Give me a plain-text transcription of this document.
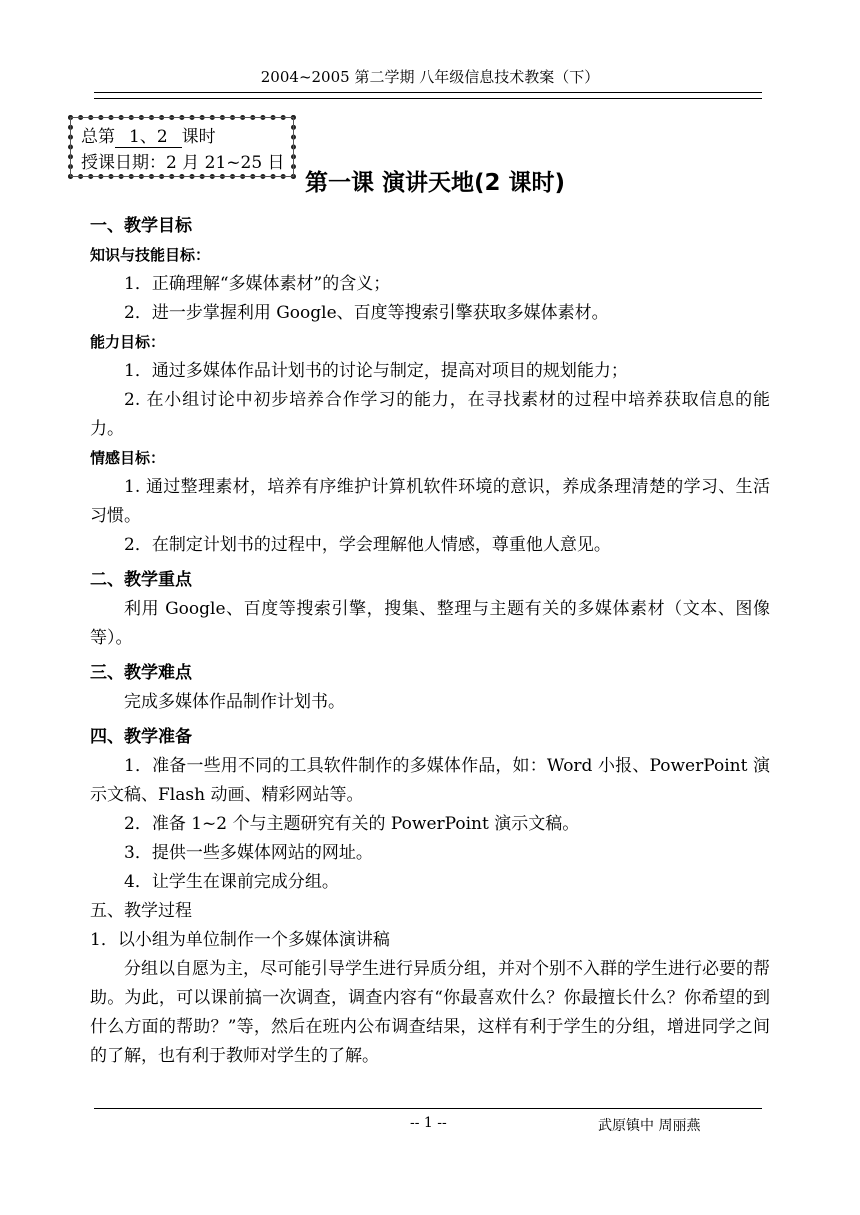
2004~2005 第二学期 八年级信息技术教案（下）
总第 1、2 课时
授课日期：2 月 21~25 日
第一课 演讲天地(2 课时)
一、教学目标
知识与技能目标：
1．正确理解“多媒体素材”的含义；
2．进一步掌握利用 Google、百度等搜索引擎获取多媒体素材。
能力目标：
1．通过多媒体作品计划书的讨论与制定，提高对项目的规划能力；
2. 在小组讨论中初步培养合作学习的能力，在寻找素材的过程中培养获取信息的能力。
情感目标：
1. 通过整理素材，培养有序维护计算机软件环境的意识，养成条理清楚的学习、生活习惯。
2．在制定计划书的过程中，学会理解他人情感，尊重他人意见。
二、教学重点
利用 Google、百度等搜索引擎，搜集、整理与主题有关的多媒体素材（文本、图像等）。
三、教学难点
完成多媒体作品制作计划书。
四、教学准备
1．准备一些用不同的工具软件制作的多媒体作品，如：Word 小报、PowerPoint 演示文稿、Flash 动画、精彩网站等。
2．准备 1~2 个与主题研究有关的 PowerPoint 演示文稿。
3．提供一些多媒体网站的网址。
4．让学生在课前完成分组。
五、教学过程
1．以小组为单位制作一个多媒体演讲稿
分组以自愿为主，尽可能引导学生进行异质分组，并对个别不入群的学生进行必要的帮助。为此，可以课前搞一次调查，调查内容有“你最喜欢什么？你最擅长什么？你希望的到什么方面的帮助？”等，然后在班内公布调查结果，这样有利于学生的分组，增进同学之间的了解，也有利于教师对学生的了解。
-- 1 --	武原镇中 周丽燕
